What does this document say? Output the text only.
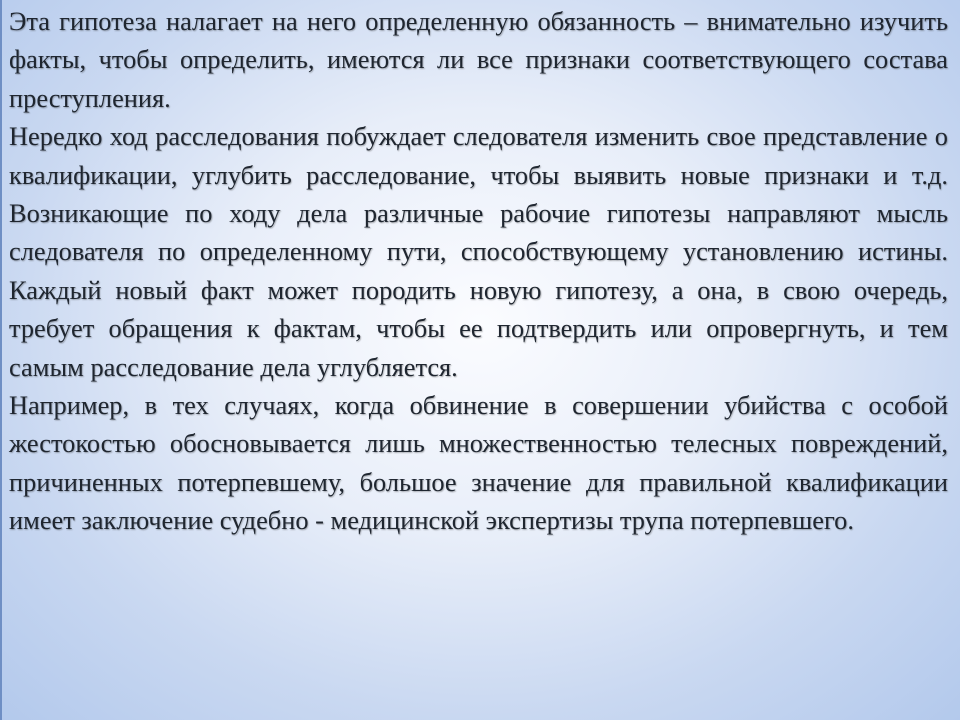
Эта гипотеза налагает на него определенную обязанность – внимательно изучить факты, чтобы определить, имеются ли все признаки соответствующего состава преступления.

Нередко ход расследования побуждает следователя изменить свое представление о квалификации, углубить расследование, чтобы выявить новые признаки и т.д. Возникающие по ходу дела различные рабочие гипотезы направляют мысль следователя по определенному пути, способствующему установлению истины. Каждый новый факт может породить новую гипотезу, а она, в свою очередь, требует обращения к фактам, чтобы ее подтвердить или опровергнуть, и тем самым расследование дела углубляется.

Например, в тех случаях, когда обвинение в совершении убийства с особой жестокостью обосновывается лишь множественностью телесных повреждений, причиненных потерпевшему, большое значение для правильной квалификации имеет заключение судебно - медицинской экспертизы трупа потерпевшего.
